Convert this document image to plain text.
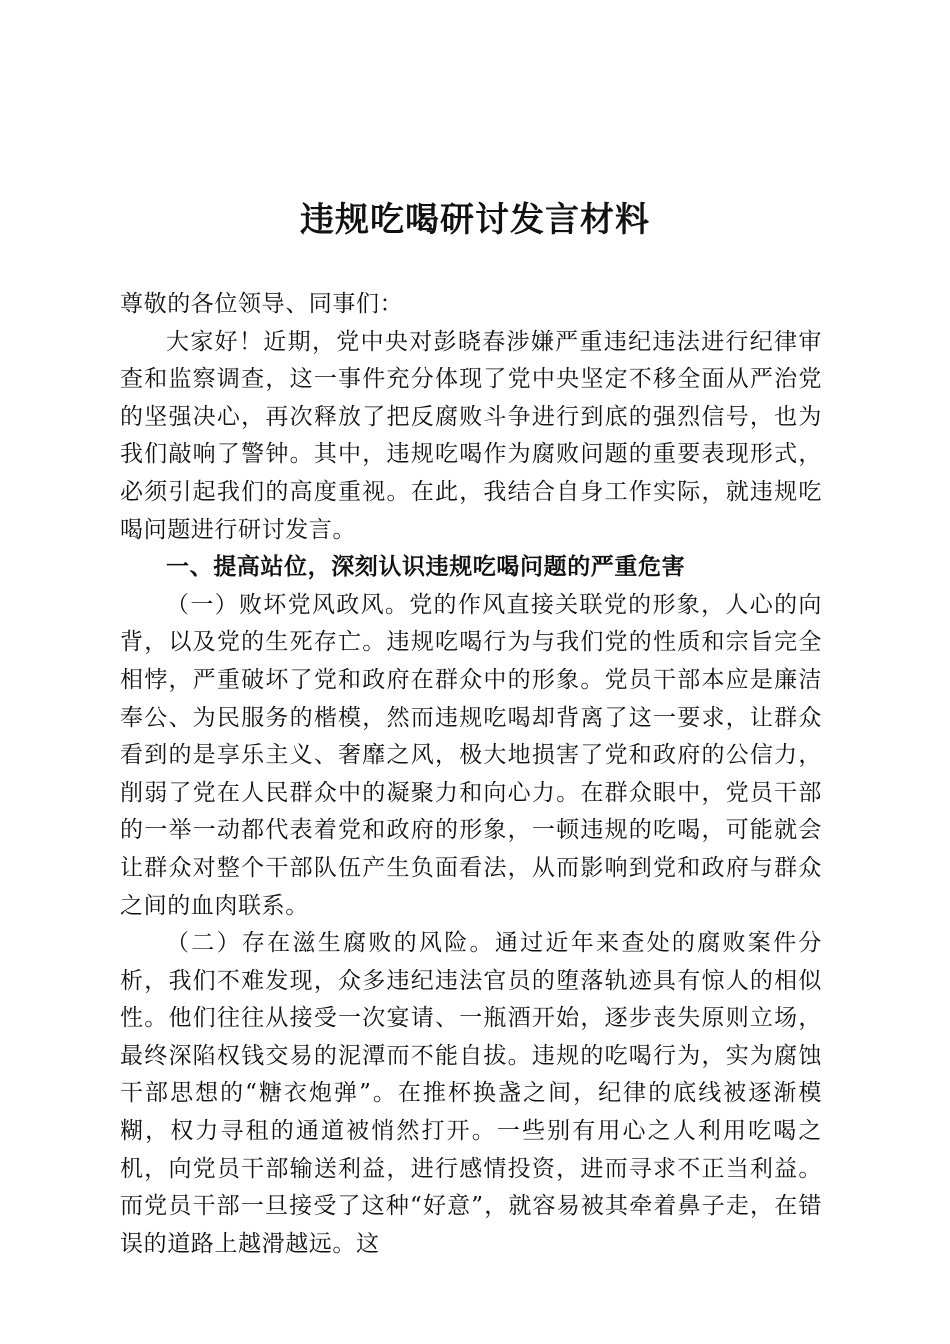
违规吃喝研讨发言材料

尊敬的各位领导、同事们：

大家好！近期，党中央对彭晓春涉嫌严重违纪违法进行纪律审查和监察调查，这一事件充分体现了党中央坚定不移全面从严治党的坚强决心，再次释放了把反腐败斗争进行到底的强烈信号，也为我们敲响了警钟。其中，违规吃喝作为腐败问题的重要表现形式，必须引起我们的高度重视。在此，我结合自身工作实际，就违规吃喝问题进行研讨发言。

一、提高站位，深刻认识违规吃喝问题的严重危害

（一）败坏党风政风。党的作风直接关联党的形象，人心的向背，以及党的生死存亡。违规吃喝行为与我们党的性质和宗旨完全相悖，严重破坏了党和政府在群众中的形象。党员干部本应是廉洁奉公、为民服务的楷模，然而违规吃喝却背离了这一要求，让群众看到的是享乐主义、奢靡之风，极大地损害了党和政府的公信力，削弱了党在人民群众中的凝聚力和向心力。在群众眼中，党员干部的一举一动都代表着党和政府的形象，一顿违规的吃喝，可能就会让群众对整个干部队伍产生负面看法，从而影响到党和政府与群众之间的血肉联系。

（二）存在滋生腐败的风险。通过近年来查处的腐败案件分析，我们不难发现，众多违纪违法官员的堕落轨迹具有惊人的相似性。他们往往从接受一次宴请、一瓶酒开始，逐步丧失原则立场，最终深陷权钱交易的泥潭而不能自拔。违规的吃喝行为，实为腐蚀干部思想的“糖衣炮弹”。在推杯换盏之间，纪律的底线被逐渐模糊，权力寻租的通道被悄然打开。一些别有用心之人利用吃喝之机，向党员干部输送利益，进行感情投资，进而寻求不正当利益。而党员干部一旦接受了这种“好意”，就容易被其牵着鼻子走，在错误的道路上越滑越远。这
